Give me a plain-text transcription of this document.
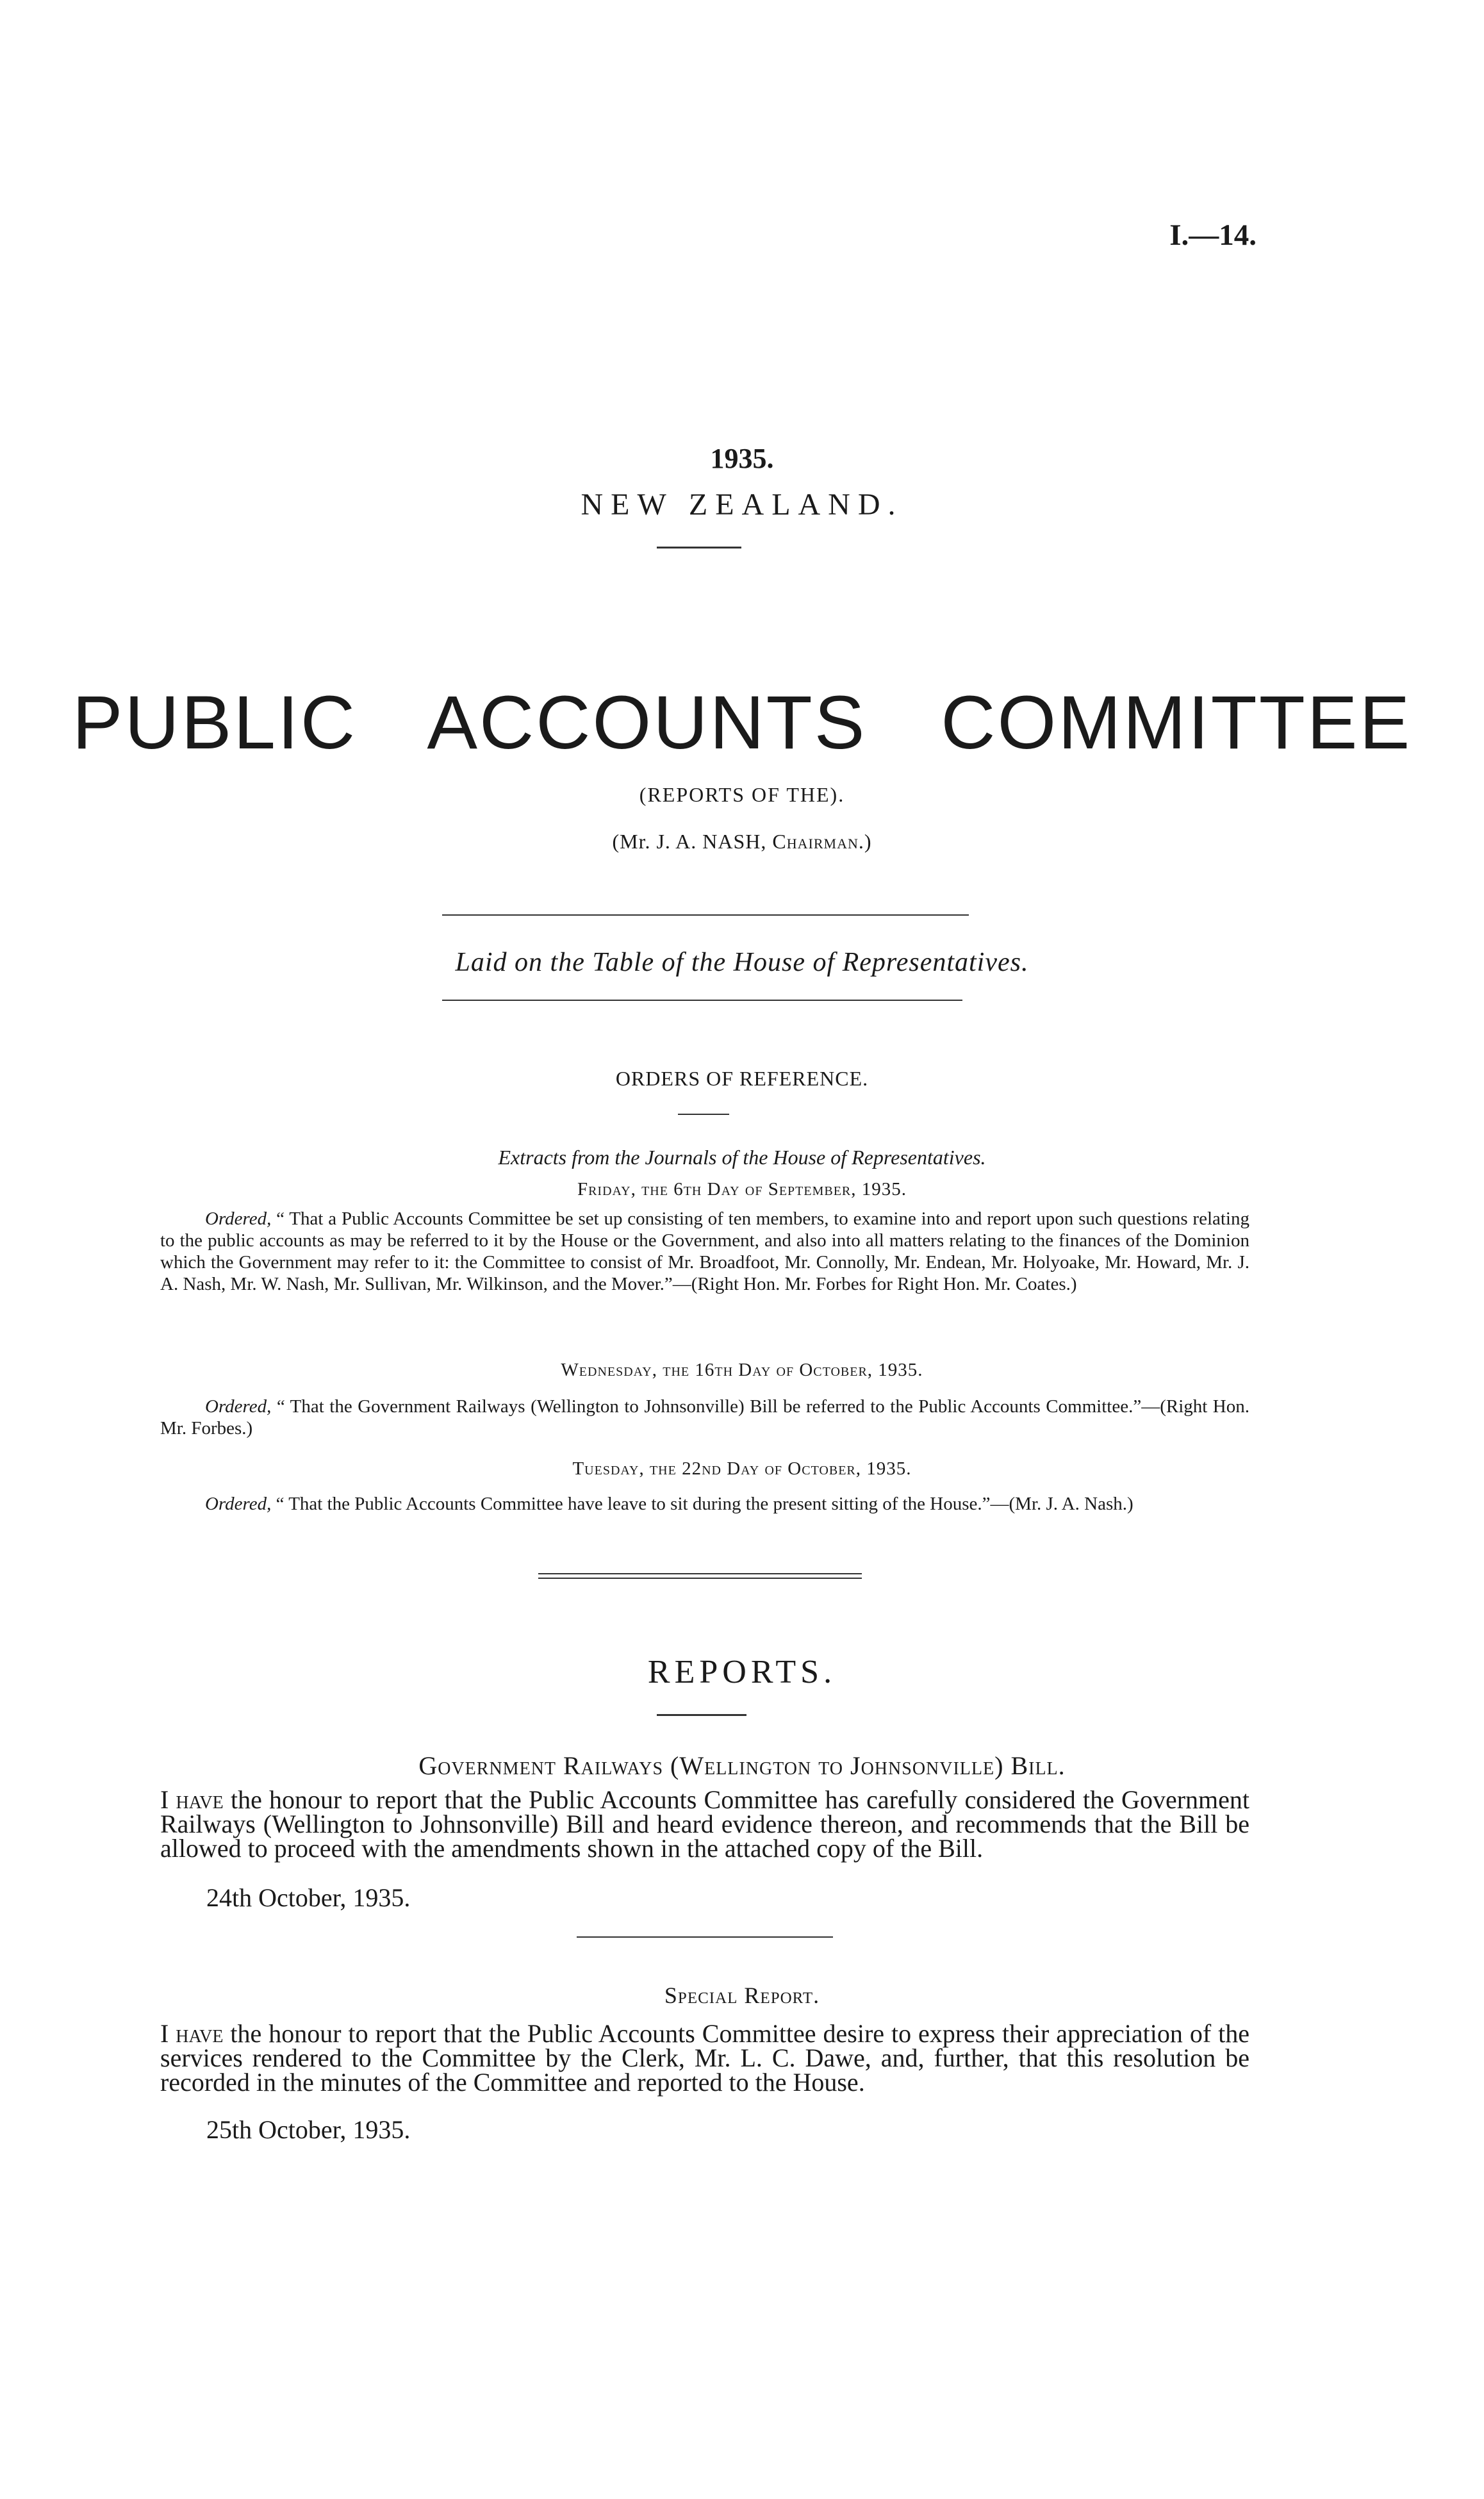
I.—14.
1935.
NEW ZEALAND.
PUBLIC ACCOUNTS COMMITTEE
(REPORTS OF THE).
(Mr. J. A. NASH, Chairman.)
Laid on the Table of the House of Representatives.
ORDERS OF REFERENCE.
Extracts from the Journals of the House of Representatives.
Friday, the 6th Day of September, 1935.
Ordered, “ That a Public Accounts Committee be set up consisting of ten members, to examine into and report upon such questions relating to the public accounts as may be referred to it by the House or the Government, and also into all matters relating to the finances of the Dominion which the Government may refer to it: the Committee to consist of Mr. Broadfoot, Mr. Connolly, Mr. Endean, Mr. Holyoake, Mr. Howard, Mr. J. A. Nash, Mr. W. Nash, Mr. Sullivan, Mr. Wilkinson, and the Mover.”—(Right Hon. Mr. Forbes for Right Hon. Mr. Coates.)
Wednesday, the 16th Day of October, 1935.
Ordered, “ That the Government Railways (Wellington to Johnsonville) Bill be referred to the Public Accounts Committee.”—(Right Hon. Mr. Forbes.)
Tuesday, the 22nd Day of October, 1935.
Ordered, “ That the Public Accounts Committee have leave to sit during the present sitting of the House.”—(Mr. J. A. Nash.)
REPORTS.
Government Railways (Wellington to Johnsonville) Bill.
I have the honour to report that the Public Accounts Committee has carefully considered the Government Railways (Wellington to Johnsonville) Bill and heard evidence thereon, and recommends that the Bill be allowed to proceed with the amendments shown in the attached copy of the Bill.
24th October, 1935.
Special Report.
I have the honour to report that the Public Accounts Committee desire to express their appreciation of the services rendered to the Committee by the Clerk, Mr. L. C. Dawe, and, further, that this resolution be recorded in the minutes of the Committee and reported to the House.
25th October, 1935.
